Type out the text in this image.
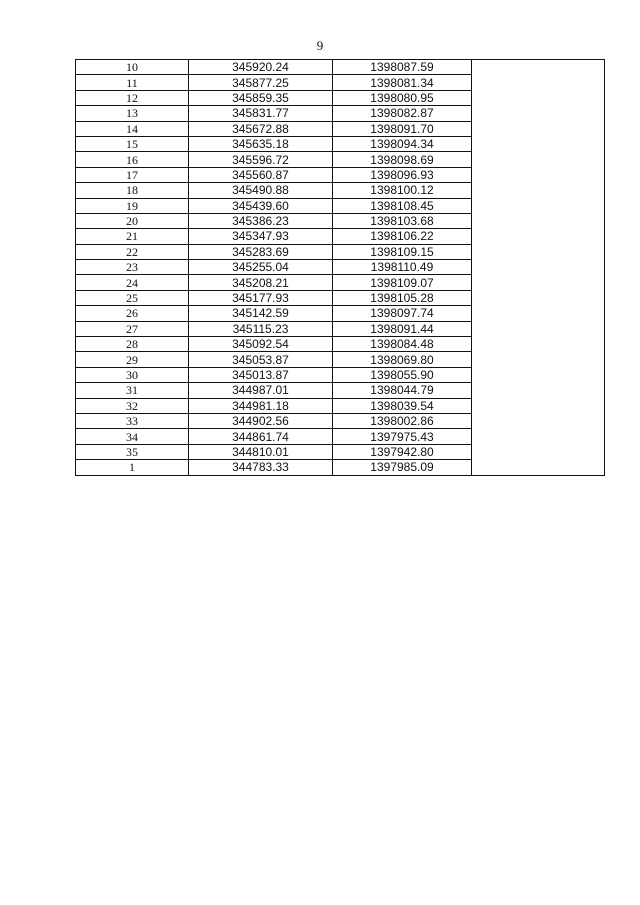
9
10	345920.24	1398087.59	
11	345877.25	1398081.34	
12	345859.35	1398080.95	
13	345831.77	1398082.87	
14	345672.88	1398091.70	
15	345635.18	1398094.34	
16	345596.72	1398098.69	
17	345560.87	1398096.93	
18	345490.88	1398100.12	
19	345439.60	1398108.45	
20	345386.23	1398103.68	
21	345347.93	1398106.22	
22	345283.69	1398109.15	
23	345255.04	1398110.49	
24	345208.21	1398109.07	
25	345177.93	1398105.28	
26	345142.59	1398097.74	
27	345115.23	1398091.44	
28	345092.54	1398084.48	
29	345053.87	1398069.80	
30	345013.87	1398055.90	
31	344987.01	1398044.79	
32	344981.18	1398039.54	
33	344902.56	1398002.86	
34	344861.74	1397975.43	
35	344810.01	1397942.80	
1	344783.33	1397985.09	
